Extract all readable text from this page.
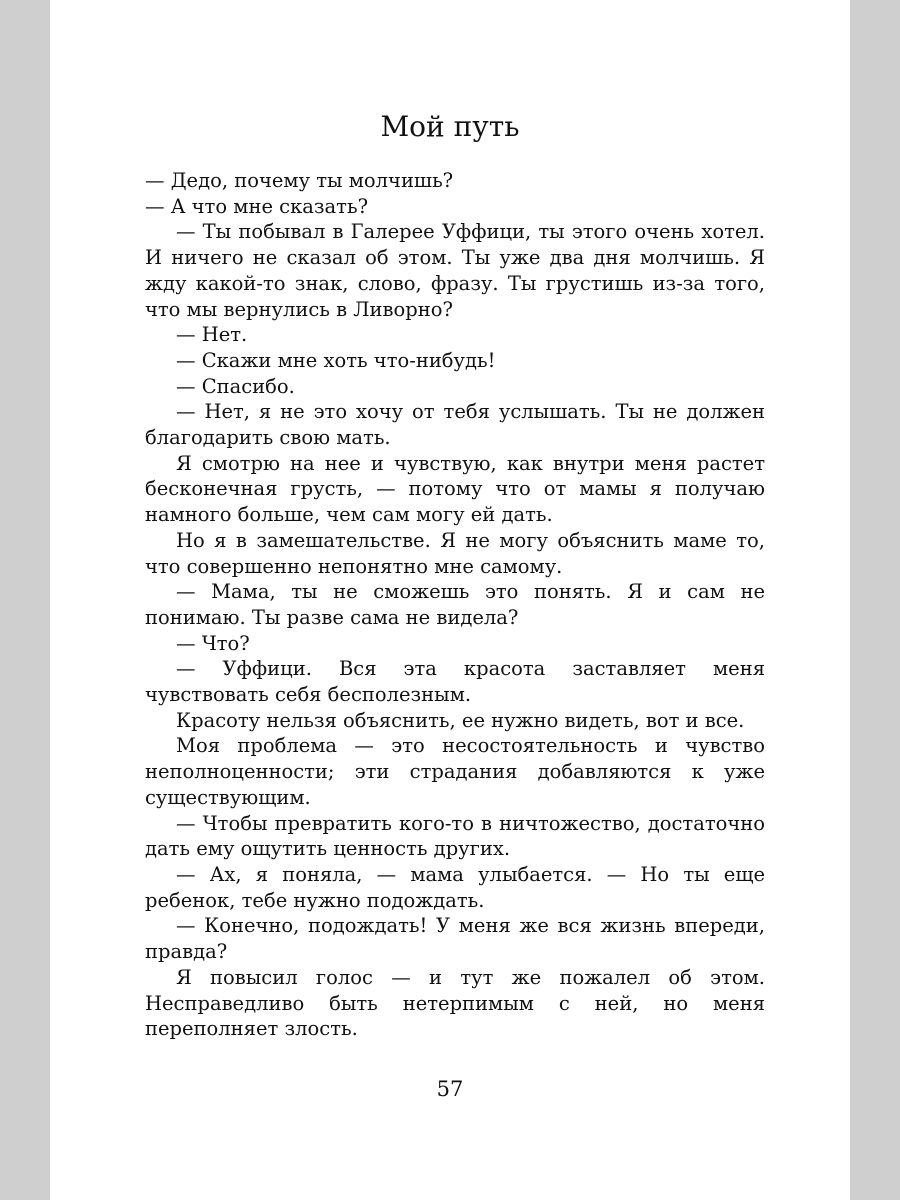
Мой путь

— Дедо, почему ты молчишь?

— А что мне сказать?

— Ты побывал в Галерее Уффици, ты этого очень хотел. И ничего не сказал об этом. Ты уже два дня молчишь. Я жду какой-то знак, слово, фразу. Ты грустишь из-за того, что мы вернулись в Ливорно?

— Нет.

— Скажи мне хоть что-нибудь!

— Спасибо.

— Нет, я не это хочу от тебя услышать. Ты не должен благодарить свою мать.

Я смотрю на нее и чувствую, как внутри меня растет бесконечная грусть, — потому что от мамы я получаю намного больше, чем сам могу ей дать.

Но я в замешательстве. Я не могу объяснить маме то, что совершенно непонятно мне самому.

— Мама, ты не сможешь это понять. Я и сам не понимаю. Ты разве сама не видела?

— Что?

— Уффици. Вся эта красота заставляет меня чувствовать себя бесполезным.

Красоту нельзя объяснить, ее нужно видеть, вот и все.

Моя проблема — это несостоятельность и чувство неполноценности; эти страдания добавляются к уже существующим.

— Чтобы превратить кого-то в ничтожество, достаточно дать ему ощутить ценность других.

— Ах, я поняла, — мама улыбается. — Но ты еще ребенок, тебе нужно подождать.

— Конечно, подождать! У меня же вся жизнь впереди, правда?

Я повысил голос — и тут же пожалел об этом. Несправедливо быть нетерпимым с ней, но меня переполняет злость.

57
